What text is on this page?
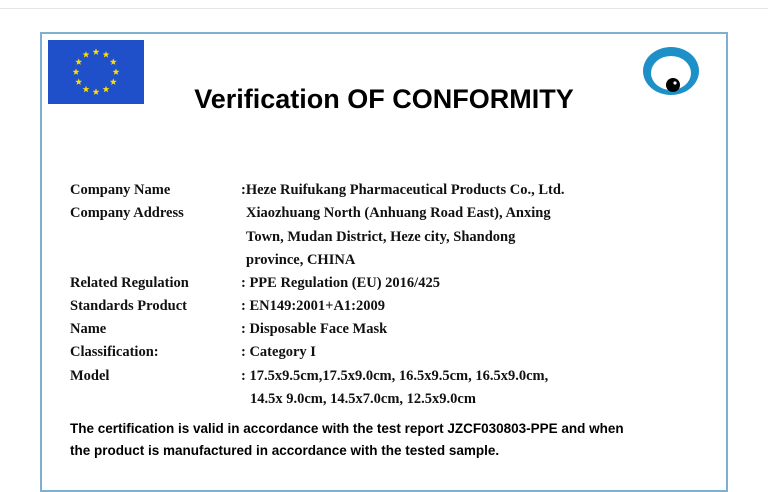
Verification OF CONFORMITY
Company Name	:Heze Ruifukang Pharmaceutical Products Co., Ltd.
Company Address	Xiaozhuang North (Anhuang Road East), Anxing
Town, Mudan District, Heze city, Shandong
province, CHINA
Related Regulation	: PPE Regulation (EU) 2016/425
Standards Product	: EN149:2001+A1:2009
Name	: Disposable Face Mask
Classification:	: Category I
Model	: 17.5x9.5cm,17.5x9.0cm, 16.5x9.5cm, 16.5x9.0cm,
14.5x 9.0cm, 14.5x7.0cm, 12.5x9.0cm
The certification is valid in accordance with the test report JZCF030803-PPE and when
the product is manufactured in accordance with the tested sample.
